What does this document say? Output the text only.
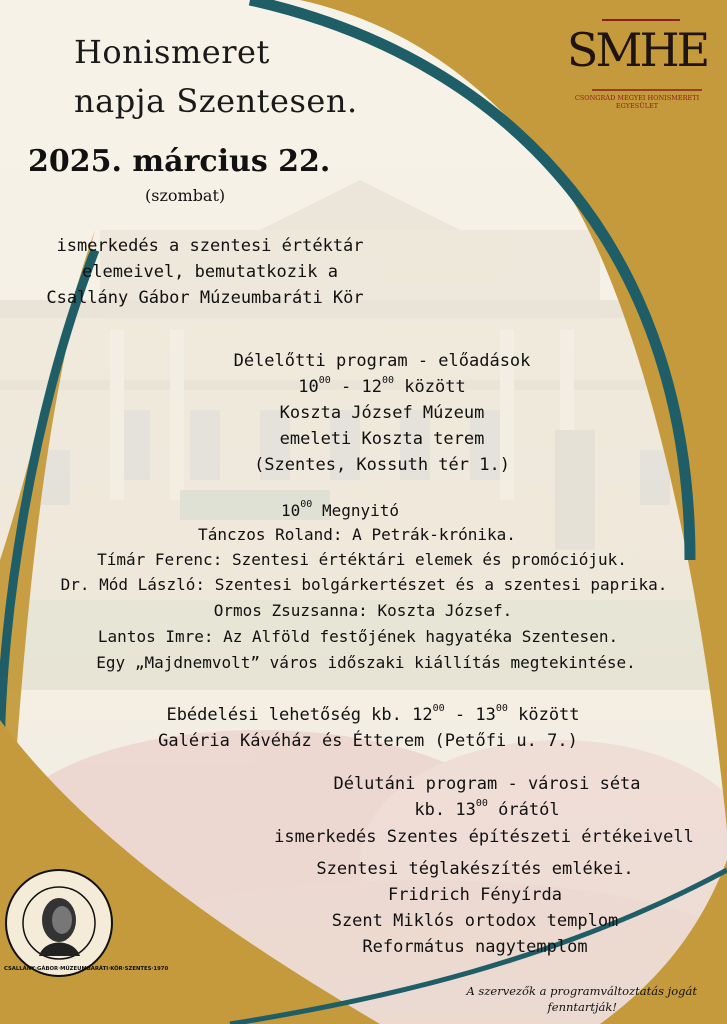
SMHE
CSONGRÁD MEGYEI HONISMERETI EGYESÜLET
CSALLÁNY·GÁBOR·MÚZEUMBARÁTI·KÖR·SZENTES·1970
Honismeret
napja Szentesen.
2025. március 22.
(szombat)
ismerkedés a szentesi értéktár
elemeivel, bemutatkozik a
Csallány Gábor Múzeumbaráti Kör
Délelőtti program - előadások
$10^{00} - 12^{00}$ között
Koszta József Múzeum
emeleti Koszta terem
(Szentes, Kossuth tér 1.)
$10^{00}$ Megnyitó
Tánczos Roland: A Petrák-krónika.
Tímár Ferenc: Szentesi értéktári elemek és promóciójuk.
Dr. Mód László: Szentesi bolgárkertészet és a szentesi paprika.
Ormos Zsuzsanna: Koszta József.
Lantos Imre: Az Alföld festőjének hagyatéka Szentesen.
Egy „Majdnemvolt” város időszaki kiállítás megtekintése.
Ebédelési lehetőség kb. $12^{00} - 13^{00}$ között
Galéria Kávéház és Étterem (Petőfi u. 7.)
Délutáni program - városi séta
kb. $13^{00}$ órától
ismerkedés Szentes építészeti értékeivell
Szentesi téglakészítés emlékei.
Fridrich Fényírda
Szent Miklós ortodox templom
Református nagytemplom
A szervezők a programváltoztatás jogát
fenntartják!
